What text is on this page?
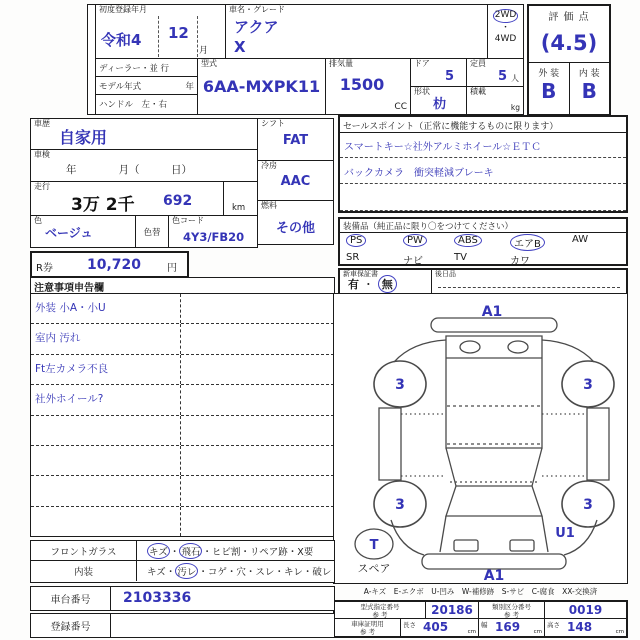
初度登録年月
令和4 12
月
車名・グレード
アクア
X
2WD
・
4WD
評 価 点
(4.5)
外 装
B
内 装
B
ディーラー・並 行
モデル年式	年
ハンドル　左・右
型式
6AA-MXPK11
排気量
1500
CC
ドア
5
形状
朸
定員
5 人
積載
kg
車歴
自家用
車検
年　　　　月（　　　日）
走行
3万 2千 692	km
色
ベージュ	色替
色コード
4Y3/FB20
R券 10,720	円
シフト
FAT
冷房
AAC
燃料
その他
セールスポイント（正常に機能するものに限ります）
スマートキー☆社外アルミホイール☆ＥＴＣ
バックカメラ　衝突軽減ブレーキ
装備品（純正品に限り〇をつけてください）
PS	PW	ABS	エアB	AW
SR	ナビ	TV	カワ
新車保証書
有 ・ 無
後日品
注意事項申告欄
外装 小A・小U
室内 汚れ
Ft左カメラ不良
社外ホイール?
A1
3	3
3	3
U1
A1
T
スペア
A-キズ　E-エクボ　U-凹み　W-補修跡　S-サビ　C-腐食　XX-交換済
型式指定番号
参 考	20186	類別区分番号
参 考	0019
車庫証明用
参 考
長さ 405	cm
幅 169 cm
高さ 148	cm
フロントガラス	キズ ・ 飛石 ・ヒビ割・リペア跡・X要
内装	キズ・ 汚レ ・コゲ・穴・スレ・キレ・破レ
車台番号	2103336
登録番号
